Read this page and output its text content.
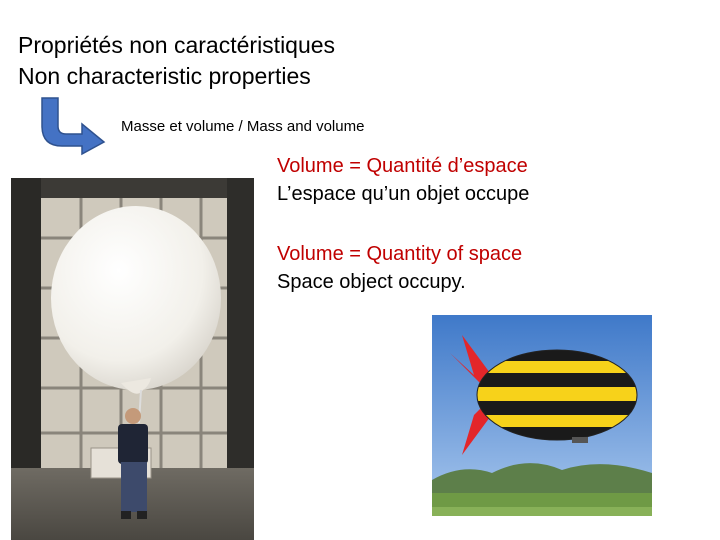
Propriétés non caractéristiques
Non characteristic properties
Masse et volume / Mass and volume
Volume = Quantité d’espace
L’espace qu’un objet occupe
Volume = Quantity of space
Space object occupy.
